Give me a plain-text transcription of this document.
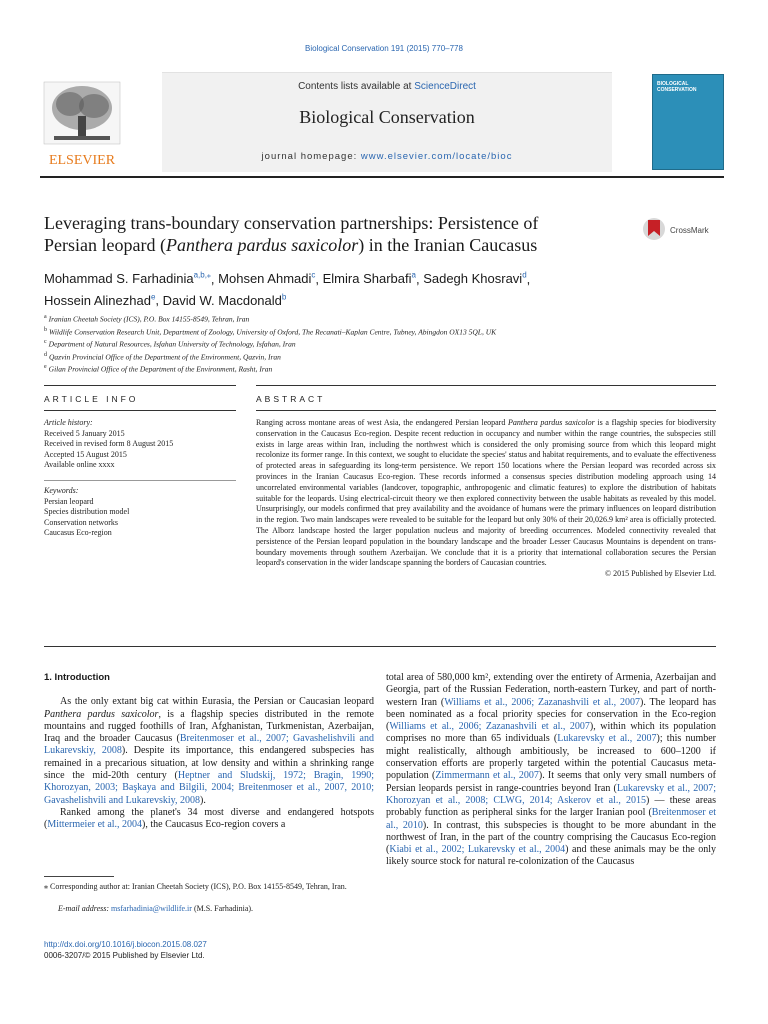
Biological Conservation 191 (2015) 770–778
ELSEVIER
Contents lists available at ScienceDirect
Biological Conservation
journal homepage: www.elsevier.com/locate/bioc
BIOLOGICAL CONSERVATION
Leveraging trans-boundary conservation partnerships: Persistence of
Persian leopard (Panthera pardus saxicolor) in the Iranian Caucasus
CrossMark
Mohammad S. Farhadinia$^{a,b,⁎}$, Mohsen Ahmadi$^c$, Elmira Sharbafi$^a$, Sadegh Khosravi$^d$,
Hossein Alinezhad$^e$, David W. Macdonald$^b$
$^a$ Iranian Cheetah Society (ICS), P.O. Box 14155-8549, Tehran, Iran
$^b$ Wildlife Conservation Research Unit, Department of Zoology, University of Oxford, The Recanati–Kaplan Centre, Tubney, Abingdon OX13 5QL, UK
$^c$ Department of Natural Resources, Isfahan University of Technology, Isfahan, Iran
$^d$ Qazvin Provincial Office of the Department of the Environment, Qazvin, Iran
$^e$ Gilan Provincial Office of the Department of the Environment, Rasht, Iran
ARTICLE INFO	ABSTRACT
Article history:
Received 5 January 2015
Received in revised form 8 August 2015
Accepted 15 August 2015
Available online xxxx
Keywords:
Persian leopard
Species distribution model
Conservation networks
Caucasus Eco-region
Ranging across montane areas of west Asia, the endangered Persian leopard Panthera pardus saxicolor is a flagship species for biodiversity conservation in the Caucasus Eco-region. Despite recent reduction in occupancy and number within the range countries, the subspecies still exists in large areas within Iran, including the northwest which is considered the only promising source from which this leopard might recolonize its former range. In this context, we sought to elucidate the species' status and habitat requirements, and to evaluate the effectiveness of protected areas in safeguarding its long-term persistence. We report 150 locations where the Persian leopard was recorded across six provinces in the Iranian Caucasus Eco-region. These records informed a consensus species distribution modeling approach using 14 uncorrelated environmental variables (landcover, topographic, anthropogenic and climatic features) to explore the distribution of habitats suitable for the leopards. Using electrical-circuit theory we then explored connectivity between the usable habitats as revealed by this model. Unsurprisingly, our models confirmed that prey availability and the avoidance of humans were the primary influences on leopard distribution in the region. Two main landscapes were revealed to be suitable for the leopard but only 30% of their 20,026.9 km² area is officially protected. The Alborz landscape hosted the larger population nucleus and majority of breeding occurrences. Modeled connectivity revealed that persistence of the Persian leopard population in the boundary landscape and the broader Lesser Caucasus Mountains is dependent on trans-boundary movements through southern Azerbaijan. We conclude that it is a priority that international collaboration secures the Persian leopard's conservation in the wider landscape spanning the borders of Caucasian countries.
© 2015 Published by Elsevier Ltd.
1. Introduction

As the only extant big cat within Eurasia, the Persian or Caucasian leopard Panthera pardus saxicolor, is a flagship species distributed in the remote mountains and rugged foothills of Iran, Afghanistan, Turkmenistan, Azerbaijan, Iraq and the broader Caucasus (Breitenmoser et al., 2007; Gavashelishvili and Lukarevskiy, 2008). Despite its importance, this endangered subspecies has remained in a precarious situation, at low density and within a shrinking range since the mid-20th century (Heptner and Sludskij, 1972; Bragin, 1990; Khorozyan, 2003; Başkaya and Bilgili, 2004; Breitenmoser et al., 2007, 2010; Gavashelishvili and Lukarevskiy, 2008).

Ranked among the planet's 34 most diverse and endangered hotspots (Mittermeier et al., 2004), the Caucasus Eco-region covers a

total area of 580,000 km², extending over the entirety of Armenia, Azerbaijan and Georgia, part of the Russian Federation, north-eastern Turkey, and part of north-western Iran (Williams et al., 2006; Zazanashvili et al., 2007). The leopard has been nominated as a focal priority species for conservation in the Eco-region (Williams et al., 2006; Zazanashvili et al., 2007), within which its population comprises no more than 65 individuals (Lukarevsky et al., 2007); this number might realistically, although ambitiously, be increased to 600–1200 if conservation efforts are properly targeted within the potential Caucasus meta-population (Zimmermann et al., 2007). It seems that only very small numbers of Persian leopards persist in range-countries beyond Iran (Lukarevsky et al., 2007; Khorozyan et al., 2008; CLWG, 2014; Askerov et al., 2015) — these areas probably function as peripheral sinks for the larger Iranian pool (Breitenmoser et al., 2010). In contrast, this subspecies is thought to be more abundant in the northwest of Iran, in the part of the country comprising the Caucasus Eco-region (Kiabi et al., 2002; Lukarevsky et al., 2004) and these animals may be the only likely source stock for natural re-colonization of the Caucasus

⁎ Corresponding author at: Iranian Cheetah Society (ICS), P.O. Box 14155-8549, Tehran, Iran.
E-mail address: msfarhadinia@wildlife.ir (M.S. Farhadinia).
http://dx.doi.org/10.1016/j.biocon.2015.08.027
0006-3207/© 2015 Published by Elsevier Ltd.
